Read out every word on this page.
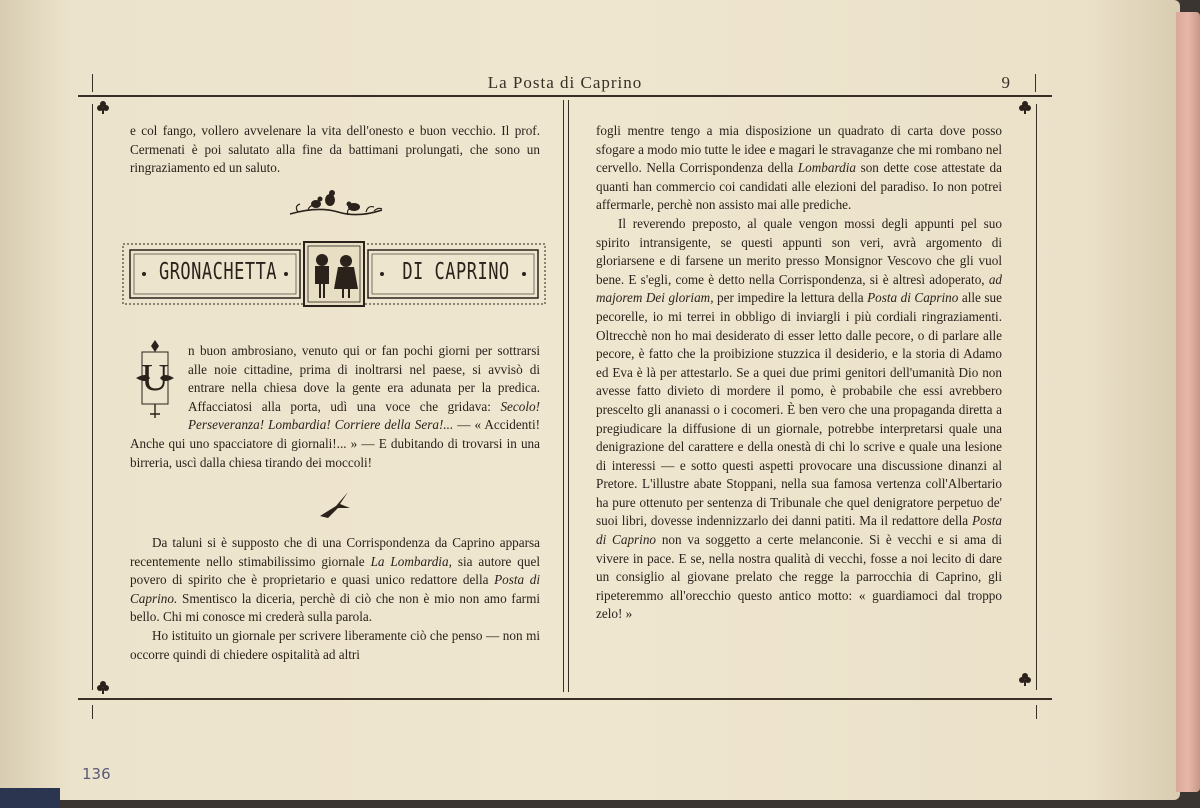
La Posta di Caprino	9

e col fango, vollero avvelenare la vita dell'onesto e buon vecchio. Il prof. Cermenati è poi salutato alla fine da battimani prolungati, che sono un ringraziamento ed un saluto.

GRONACHETTA	DI CAPRINO
U

n buon ambrosiano, venuto qui or fan pochi giorni per sottrarsi alle noie cittadine, prima di inoltrarsi nel paese, si avvisò di entrare nella chiesa dove la gente era adunata per la predica. Affacciatosi alla porta, udì una voce che gridava: Secolo! Perseveranza! Lombardia! Corriere della Sera!... — « Accidenti! Anche qui uno spacciatore di giornali!... » — E dubitando di trovarsi in una birreria, uscì dalla chiesa tirando dei moccoli!

Da taluni si è supposto che di una Corrispondenza da Caprino apparsa recentemente nello stimabilissimo giornale La Lombardia, sia autore quel povero di spirito che è proprietario e quasi unico redattore della Posta di Caprino. Smentisco la diceria, perchè di ciò che non è mio non amo farmi bello. Chi mi conosce mi crederà sulla parola.

Ho istituito un giornale per scrivere liberamente ciò che penso — non mi occorre quindi di chiedere ospitalità ad altri

fogli mentre tengo a mia disposizione un quadrato di carta dove posso sfogare a modo mio tutte le idee e magari le stravaganze che mi rombano nel cervello. Nella Corrispondenza della Lombardia son dette cose attestate da quanti han commercio coi candidati alle elezioni del paradiso. Io non potrei affermarle, perchè non assisto mai alle prediche.

Il reverendo preposto, al quale vengon mossi degli appunti pel suo spirito intransigente, se questi appunti son veri, avrà argomento di gloriarsene e di farsene un merito presso Monsignor Vescovo che gli vuol bene. E s'egli, come è detto nella Corrispondenza, si è altresì adoperato, ad majorem Dei gloriam, per impedire la lettura della Posta di Caprino alle sue pecorelle, io mi terrei in obbligo di inviargli i più cordiali ringraziamenti. Oltrecchè non ho mai desiderato di esser letto dalle pecore, o di parlare alle pecore, è fatto che la proibizione stuzzica il desiderio, e la storia di Adamo ed Eva è là per attestarlo. Se a quei due primi genitori dell'umanità Dio non avesse fatto divieto di mordere il pomo, è probabile che essi avrebbero prescelto gli ananassi o i cocomeri. È ben vero che una propaganda diretta a pregiudicare la diffusione di un giornale, potrebbe interpretarsi quale una denigrazione del carattere e della onestà di chi lo scrive e quale una lesione di interessi — e sotto questi aspetti provocare una discussione dinanzi al Pretore. L'illustre abate Stoppani, nella sua famosa vertenza coll'Albertario ha pure ottenuto per sentenza di Tribunale che quel denigratore perpetuo de' suoi libri, dovesse indennizzarlo dei danni patiti. Ma il redattore della Posta di Caprino non va soggetto a certe melanconie. Si è vecchi e si ama di vivere in pace. E se, nella nostra qualità di vecchi, fosse a noi lecito di dare un consiglio al giovane prelato che regge la parrocchia di Caprino, gli ripeteremmo all'orecchio questo antico motto: « guardiamoci dal troppo zelo! »

136
